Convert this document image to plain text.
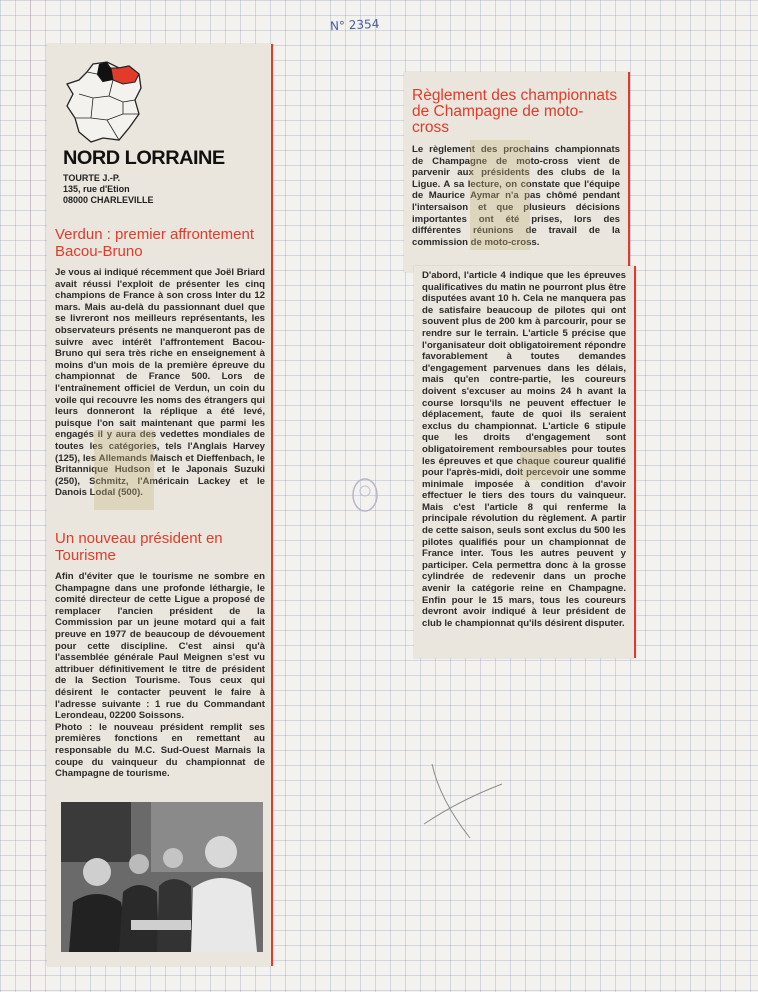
N° 2354
NORD LORRAINE
TOURTE J.-P.
135, rue d'Etion
08000 CHARLEVILLE
Verdun : premier affrontement Bacou-Bruno

Je vous ai indiqué récemment que Joël Briard avait réussi l'exploit de présenter les cinq champions de France à son cross Inter du 12 mars. Mais au-delà du passionnant duel que se livreront nos meilleurs représentants, les observateurs présents ne manqueront pas de suivre avec intérêt l'affrontement Bacou-Bruno qui sera très riche en enseignement à moins d'un mois de la première épreuve du championnat de France 500. Lors de l'entraînement officiel de Verdun, un coin du voile qui recouvre les noms des étrangers qui leurs donneront la réplique a été levé, puisque l'on sait maintenant que parmi les engagés il y aura des vedettes mondiales de toutes les catégories, tels l'Anglais Harvey (125), les Allemands Maisch et Dieffenbach, le Britannique Hudson et le Japonais Suzuki (250), Schmitz, l'Américain Lackey et le Danois Lodal (500).

Un nouveau président en Tourisme

Afin d'éviter que le tourisme ne sombre en Champagne dans une profonde léthargie, le comité directeur de cette Ligue a proposé de remplacer l'ancien président de la Commission par un jeune motard qui a fait preuve en 1977 de beaucoup de dévouement pour cette discipline. C'est ainsi qu'à l'assemblée générale Paul Meignen s'est vu attribuer définitivement le titre de président de la Section Tourisme. Tous ceux qui désirent le contacter peuvent le faire à l'adresse suivante : 1 rue du Commandant Lerondeau, 02200 Soissons.

Photo : le nouveau président remplit ses premières fonctions en remettant au responsable du M.C. Sud-Ouest Marnais la coupe du vainqueur du championnat de Champagne de tourisme.

Règlement des championnats de Champagne de moto-cross

Le règlement des prochains championnats de Champagne de moto-cross vient de parvenir aux présidents des clubs de la Ligue. A sa lecture, on constate que l'équipe de Maurice Aymar n'a pas chômé pendant l'intersaison et que plusieurs décisions importantes ont été prises, lors des différentes réunions de travail de la commission de moto-cross.

D'abord, l'article 4 indique que les épreuves qualificatives du matin ne pourront plus être disputées avant 10 h. Cela ne manquera pas de satisfaire beaucoup de pilotes qui ont souvent plus de 200 km à parcourir, pour se rendre sur le terrain. L'article 5 précise que l'organisateur doit obligatoirement répondre favorablement à toutes demandes d'engagement parvenues dans les délais, mais qu'en contre-partie, les coureurs doivent s'excuser au moins 24 h avant la course lorsqu'ils ne peuvent effectuer le déplacement, faute de quoi ils seraient exclus du championnat. L'article 6 stipule que les droits d'engagement sont obligatoirement remboursables pour toutes les épreuves et que chaque coureur qualifié pour l'après-midi, doit percevoir une somme minimale imposée à condition d'avoir effectuer le tiers des tours du vainqueur. Mais c'est l'article 8 qui renferme la principale révolution du règlement. A partir de cette saison, seuls sont exclus du 500 les pilotes qualifiés pour un championnat de France inter. Tous les autres peuvent y participer. Cela permettra donc à la grosse cylindrée de redevenir dans un proche avenir la catégorie reine en Champagne. Enfin pour le 15 mars, tous les coureurs devront avoir indiqué à leur président de club le championnat qu'ils désirent disputer.
